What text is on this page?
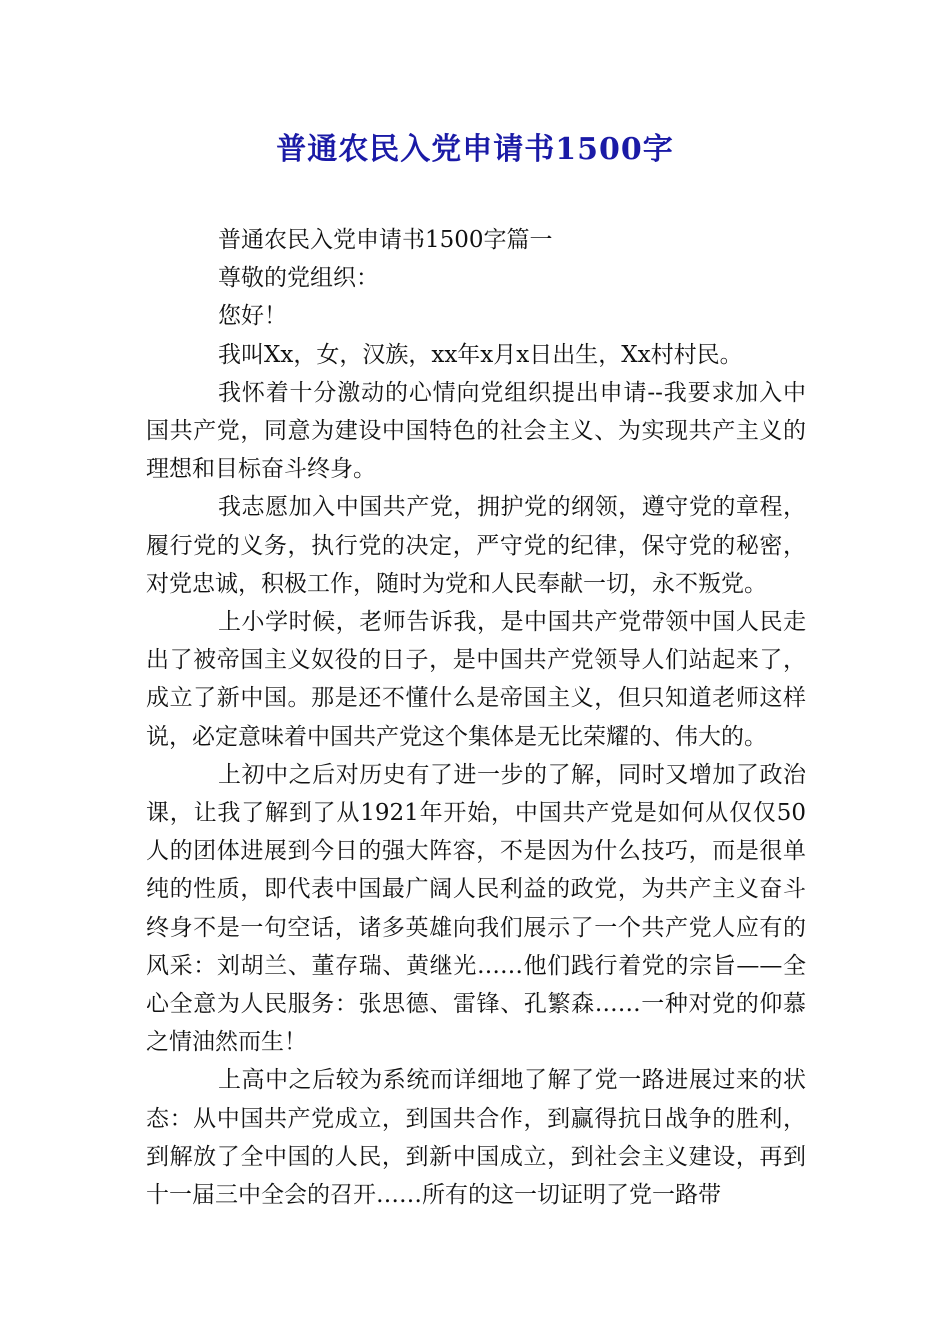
普通农民入党申请书1500字

普通农民入党申请书1500字篇一

尊敬的党组织：

您好！

我叫Xx，女，汉族，xx年x月x日出生，Xx村村民。

我怀着十分激动的心情向党组织提出申请--我要求加入中国共产党，同意为建设中国特色的社会主义、为实现共产主义的理想和目标奋斗终身。

我志愿加入中国共产党，拥护党的纲领，遵守党的章程，履行党的义务，执行党的决定，严守党的纪律，保守党的秘密，对党忠诚，积极工作，随时为党和人民奉献一切，永不叛党。

上小学时候，老师告诉我，是中国共产党带领中国人民走出了被帝国主义奴役的日子，是中国共产党领导人们站起来了，成立了新中国。那是还不懂什么是帝国主义，但只知道老师这样说，必定意味着中国共产党这个集体是无比荣耀的、伟大的。

上初中之后对历史有了进一步的了解，同时又增加了政治课，让我了解到了从1921年开始，中国共产党是如何从仅仅50人的团体进展到今日的强大阵容，不是因为什么技巧，而是很单纯的性质，即代表中国最广阔人民利益的政党，为共产主义奋斗终身不是一句空话，诸多英雄向我们展示了一个共产党人应有的风采：刘胡兰、董存瑞、黄继光……他们践行着党的宗旨——全心全意为人民服务：张思德、雷锋、孔繁森……一种对党的仰慕之情油然而生！

上高中之后较为系统而详细地了解了党一路进展过来的状态：从中国共产党成立，到国共合作，到赢得抗日战争的胜利，到解放了全中国的人民，到新中国成立，到社会主义建设，再到十一届三中全会的召开……所有的这一切证明了党一路带
